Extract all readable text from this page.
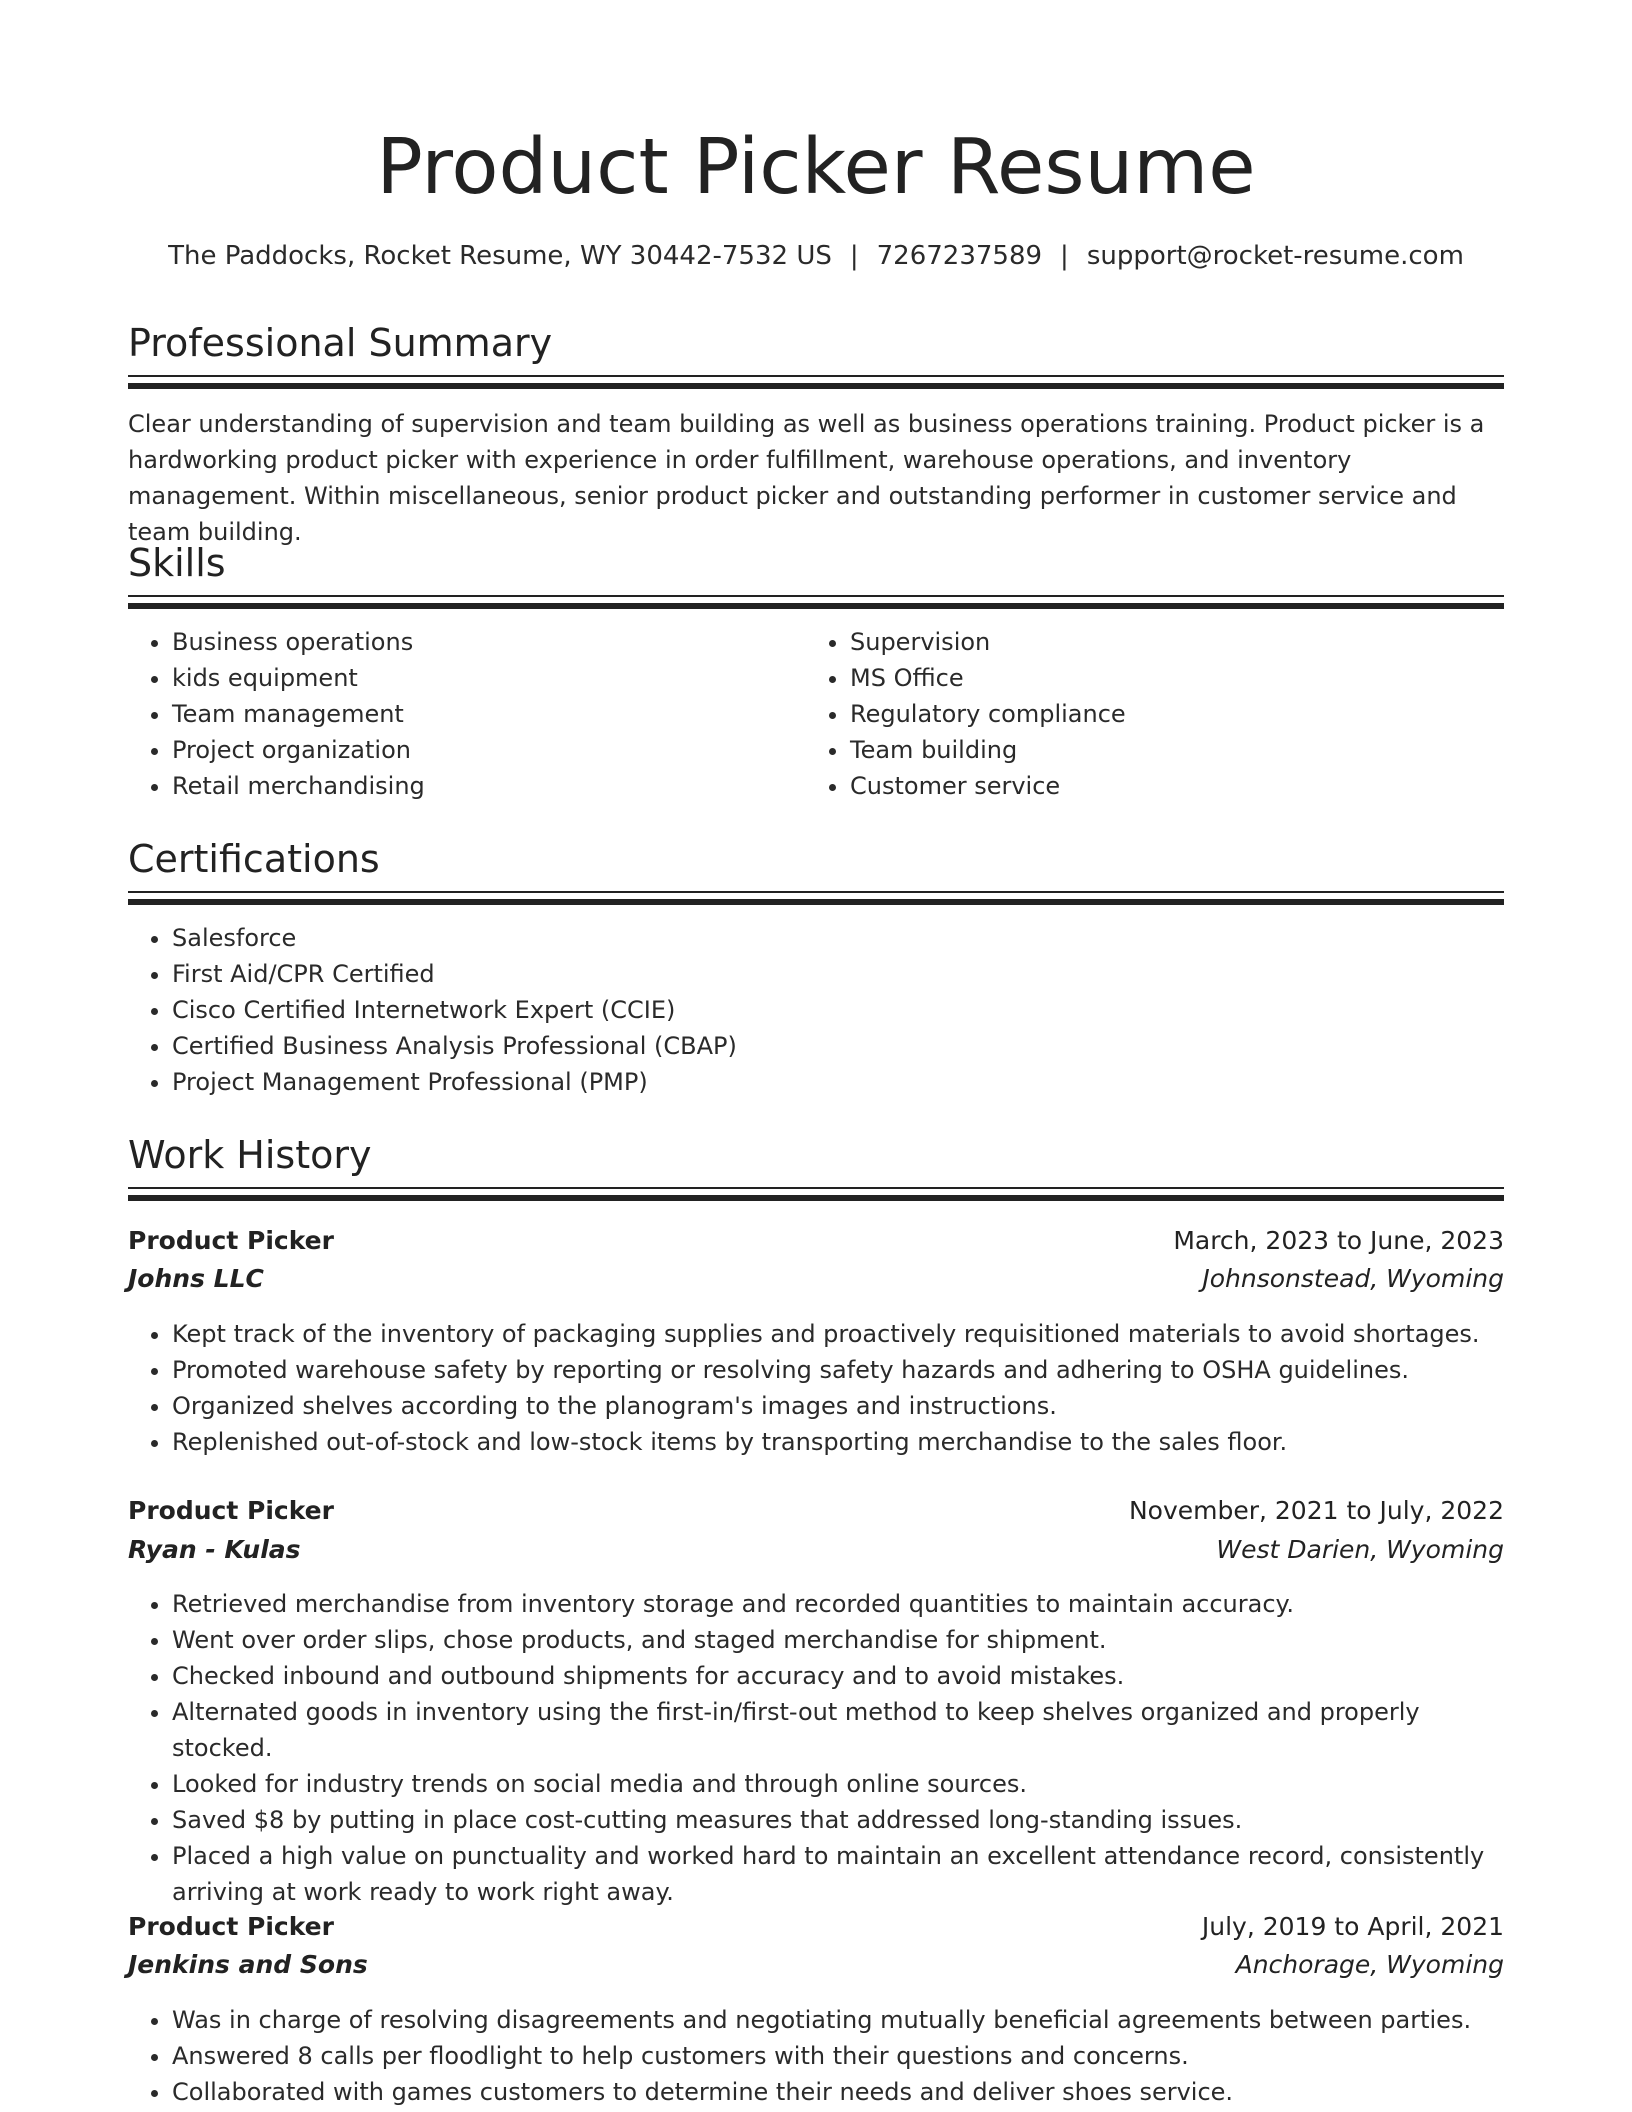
Product Picker Resume
The Paddocks, Rocket Resume, WY 30442-7532 US | 7267237589 | support@rocket-resume.com
Professional Summary

Clear understanding of supervision and team building as well as business operations training. Product picker is a hardworking product picker with experience in order fulfillment, warehouse operations, and inventory management. Within miscellaneous, senior product picker and outstanding performer in customer service and team building.

Skills
• Business operations
• kids equipment
• Team management
• Project organization
• Retail merchandising
• Supervision
• MS Office
• Regulatory compliance
• Team building
• Customer service
Certifications
• Salesforce
• First Aid/CPR Certified
• Cisco Certified Internetwork Expert (CCIE)
• Certified Business Analysis Professional (CBAP)
• Project Management Professional (PMP)
Work History
Product Picker	March, 2023 to June, 2023
Johns LLC	Johnsonstead, Wyoming
• Kept track of the inventory of packaging supplies and proactively requisitioned materials to avoid shortages.
• Promoted warehouse safety by reporting or resolving safety hazards and adhering to OSHA guidelines.
• Organized shelves according to the planogram's images and instructions.
• Replenished out-of-stock and low-stock items by transporting merchandise to the sales floor.
Product Picker	November, 2021 to July, 2022
Ryan - Kulas	West Darien, Wyoming
• Retrieved merchandise from inventory storage and recorded quantities to maintain accuracy.
• Went over order slips, chose products, and staged merchandise for shipment.
• Checked inbound and outbound shipments for accuracy and to avoid mistakes.
• Alternated goods in inventory using the first-in/first-out method to keep shelves organized and properly stocked.
• Looked for industry trends on social media and through online sources.
• Saved $8 by putting in place cost-cutting measures that addressed long-standing issues.
• Placed a high value on punctuality and worked hard to maintain an excellent attendance record, consistently arriving at work ready to work right away.
Product Picker	July, 2019 to April, 2021
Jenkins and Sons	Anchorage, Wyoming
• Was in charge of resolving disagreements and negotiating mutually beneficial agreements between parties.
• Answered 8 calls per floodlight to help customers with their questions and concerns.
• Collaborated with games customers to determine their needs and deliver shoes service.
